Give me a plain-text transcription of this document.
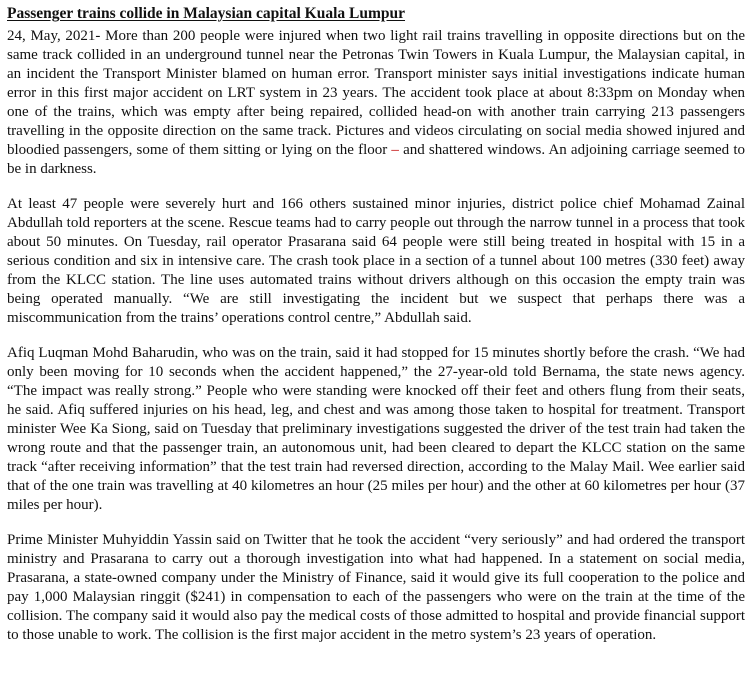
Passenger trains collide in Malaysian capital Kuala Lumpur

24, May, 2021- More than 200 people were injured when two light rail trains travelling in opposite directions but on the same track collided in an underground tunnel near the Petronas Twin Towers in Kuala Lumpur, the Malaysian capital, in an incident the Transport Minister blamed on human error. Transport minister says initial investigations indicate human error in this first major accident on LRT system in 23 years. The accident took place at about 8:33pm on Monday when one of the trains, which was empty after being repaired, collided head-on with another train carrying 213 passengers travelling in the opposite direction on the same track. Pictures and videos circulating on social media showed injured and bloodied passengers, some of them sitting or lying on the floor – and shattered windows. An adjoining carriage seemed to be in darkness.

At least 47 people were severely hurt and 166 others sustained minor injuries, district police chief Mohamad Zainal Abdullah told reporters at the scene. Rescue teams had to carry people out through the narrow tunnel in a process that took about 50 minutes. On Tuesday, rail operator Prasarana said 64 people were still being treated in hospital with 15 in a serious condition and six in intensive care. The crash took place in a section of a tunnel about 100 metres (330 feet) away from the KLCC station. The line uses automated trains without drivers although on this occasion the empty train was being operated manually. “We are still investigating the incident but we suspect that perhaps there was a miscommunication from the trains’ operations control centre,” Abdullah said.

Afiq Luqman Mohd Baharudin, who was on the train, said it had stopped for 15 minutes shortly before the crash. “We had only been moving for 10 seconds when the accident happened,” the 27-year-old told Bernama, the state news agency. “The impact was really strong.” People who were standing were knocked off their feet and others flung from their seats, he said. Afiq suffered injuries on his head, leg, and chest and was among those taken to hospital for treatment. Transport minister Wee Ka Siong, said on Tuesday that preliminary investigations suggested the driver of the test train had taken the wrong route and that the passenger train, an autonomous unit, had been cleared to depart the KLCC station on the same track “after receiving information” that the test train had reversed direction, according to the Malay Mail. Wee earlier said that of the one train was travelling at 40 kilometres an hour (25 miles per hour) and the other at 60 kilometres per hour (37 miles per hour).

Prime Minister Muhyiddin Yassin said on Twitter that he took the accident “very seriously” and had ordered the transport ministry and Prasarana to carry out a thorough investigation into what had happened. In a statement on social media, Prasarana, a state-owned company under the Ministry of Finance, said it would give its full cooperation to the police and pay 1,000 Malaysian ringgit ($241) in compensation to each of the passengers who were on the train at the time of the collision. The company said it would also pay the medical costs of those admitted to hospital and provide financial support to those unable to work. The collision is the first major accident in the metro system’s 23 years of operation.
